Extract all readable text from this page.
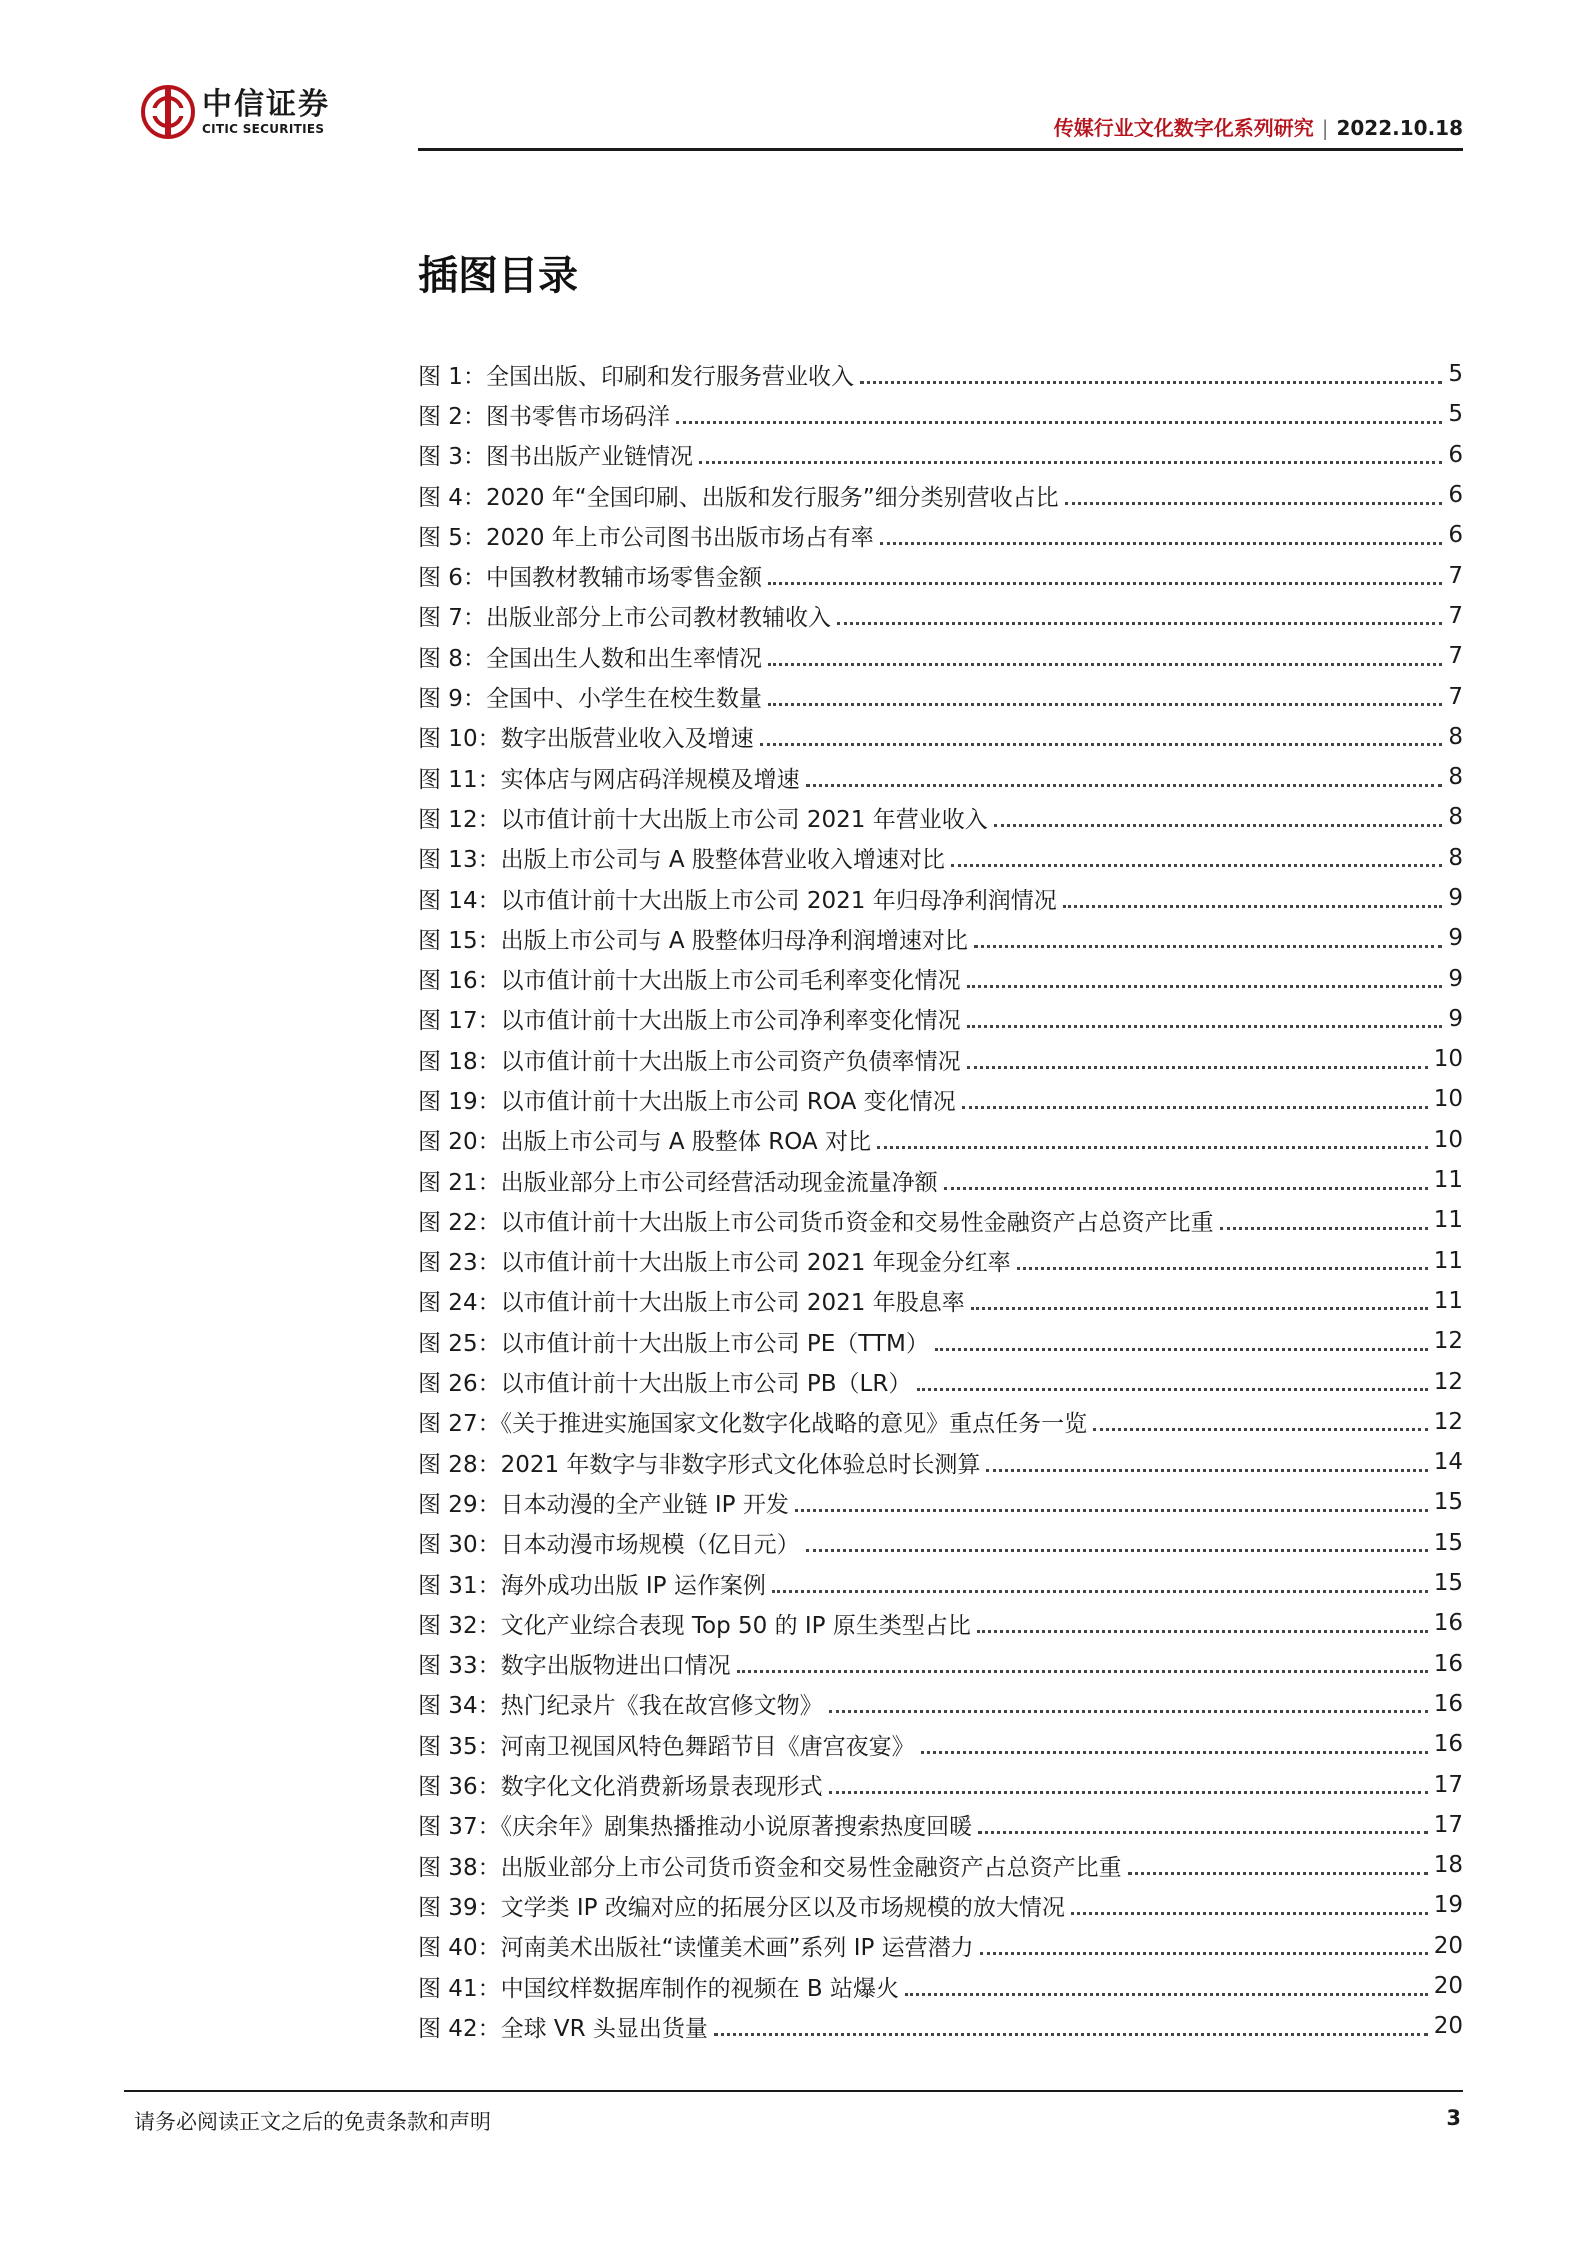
中信证券
CITIC SECURITIES	传媒行业文化数字化系列研究 | 2022.10.18
插图目录
图 1：全国出版、印刷和发行服务营业收入	5
图 2：图书零售市场码洋	5
图 3：图书出版产业链情况	6
图 4：2020 年“全国印刷、出版和发行服务”细分类别营收占比	6
图 5：2020 年上市公司图书出版市场占有率	6
图 6：中国教材教辅市场零售金额	7
图 7：出版业部分上市公司教材教辅收入	7
图 8：全国出生人数和出生率情况	7
图 9：全国中、小学生在校生数量	7
图 10：数字出版营业收入及增速	8
图 11：实体店与网店码洋规模及增速	8
图 12：以市值计前十大出版上市公司 2021 年营业收入	8
图 13：出版上市公司与 A 股整体营业收入增速对比	8
图 14：以市值计前十大出版上市公司 2021 年归母净利润情况	9
图 15：出版上市公司与 A 股整体归母净利润增速对比	9
图 16：以市值计前十大出版上市公司毛利率变化情况	9
图 17：以市值计前十大出版上市公司净利率变化情况	9
图 18：以市值计前十大出版上市公司资产负债率情况	10
图 19：以市值计前十大出版上市公司 ROA 变化情况	10
图 20：出版上市公司与 A 股整体 ROA 对比	10
图 21：出版业部分上市公司经营活动现金流量净额	11
图 22：以市值计前十大出版上市公司货币资金和交易性金融资产占总资产比重	11
图 23：以市值计前十大出版上市公司 2021 年现金分红率	11
图 24：以市值计前十大出版上市公司 2021 年股息率	11
图 25：以市值计前十大出版上市公司 PE（TTM）	12
图 26：以市值计前十大出版上市公司 PB（LR）	12
图 27：《关于推进实施国家文化数字化战略的意见》重点任务一览	12
图 28：2021 年数字与非数字形式文化体验总时长测算	14
图 29：日本动漫的全产业链 IP 开发	15
图 30：日本动漫市场规模（亿日元）	15
图 31：海外成功出版 IP 运作案例	15
图 32：文化产业综合表现 Top 50 的 IP 原生类型占比	16
图 33：数字出版物进出口情况	16
图 34：热门纪录片《我在故宫修文物》	16
图 35：河南卫视国风特色舞蹈节目《唐宫夜宴》	16
图 36：数字化文化消费新场景表现形式	17
图 37：《庆余年》剧集热播推动小说原著搜索热度回暖	17
图 38：出版业部分上市公司货币资金和交易性金融资产占总资产比重	18
图 39：文学类 IP 改编对应的拓展分区以及市场规模的放大情况	19
图 40：河南美术出版社“读懂美术画”系列 IP 运营潜力	20
图 41：中国纹样数据库制作的视频在 B 站爆火	20
图 42：全球 VR 头显出货量	20
请务必阅读正文之后的免责条款和声明	3
